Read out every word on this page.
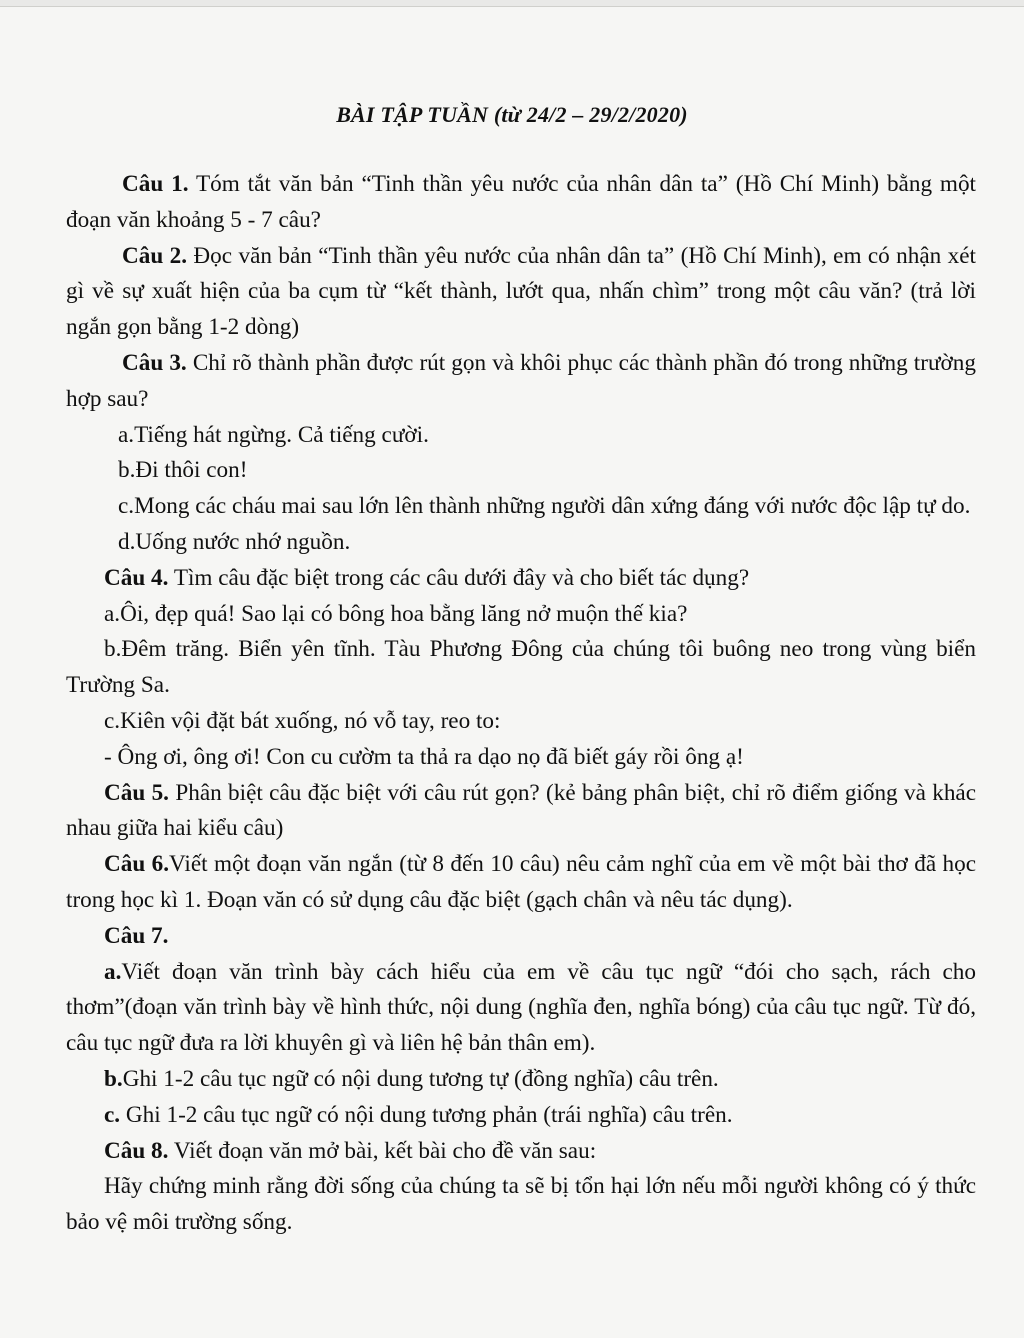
BÀI TẬP TUẦN (từ 24/2 – 29/2/2020)

Câu 1. Tóm tắt văn bản “Tinh thần yêu nước của nhân dân ta” (Hồ Chí Minh) bằng một đoạn văn khoảng 5 - 7 câu?

Câu 2. Đọc văn bản “Tinh thần yêu nước của nhân dân ta” (Hồ Chí Minh), em có nhận xét gì về sự xuất hiện của ba cụm từ “kết thành, lướt qua, nhấn chìm” trong một câu văn? (trả lời ngắn gọn bằng 1-2 dòng)

Câu 3. Chỉ rõ thành phần được rút gọn và khôi phục các thành phần đó trong những trường hợp sau?

a.Tiếng hát ngừng. Cả tiếng cười.

b.Đi thôi con!

c.Mong các cháu mai sau lớn lên thành những người dân xứng đáng với nước độc lập tự do.

d.Uống nước nhớ nguồn.

Câu 4. Tìm câu đặc biệt trong các câu dưới đây và cho biết tác dụng?

a.Ôi, đẹp quá! Sao lại có bông hoa bằng lăng nở muộn thế kia?

b.Đêm trăng. Biển yên tĩnh. Tàu Phương Đông của chúng tôi buông neo trong vùng biển Trường Sa.

c.Kiên vội đặt bát xuống, nó vỗ tay, reo to:

- Ông ơi, ông ơi! Con cu cườm ta thả ra dạo nọ đã biết gáy rồi ông ạ!

Câu 5. Phân biệt câu đặc biệt với câu rút gọn? (kẻ bảng phân biệt, chỉ rõ điểm giống và khác nhau giữa hai kiểu câu)

Câu 6.Viết một đoạn văn ngắn (từ 8 đến 10 câu) nêu cảm nghĩ của em về một bài thơ đã học trong học kì 1. Đoạn văn có sử dụng câu đặc biệt (gạch chân và nêu tác dụng).

Câu 7.

a.Viết đoạn văn trình bày cách hiểu của em về câu tục ngữ “đói cho sạch, rách cho thơm”(đoạn văn trình bày về hình thức, nội dung (nghĩa đen, nghĩa bóng) của câu tục ngữ. Từ đó, câu tục ngữ đưa ra lời khuyên gì và liên hệ bản thân em).

b.Ghi 1-2 câu tục ngữ có nội dung tương tự (đồng nghĩa) câu trên.

c. Ghi 1-2 câu tục ngữ có nội dung tương phản (trái nghĩa) câu trên.

Câu 8. Viết đoạn văn mở bài, kết bài cho đề văn sau:

Hãy chứng minh rằng đời sống của chúng ta sẽ bị tổn hại lớn nếu mỗi người không có ý thức bảo vệ môi trường sống.
